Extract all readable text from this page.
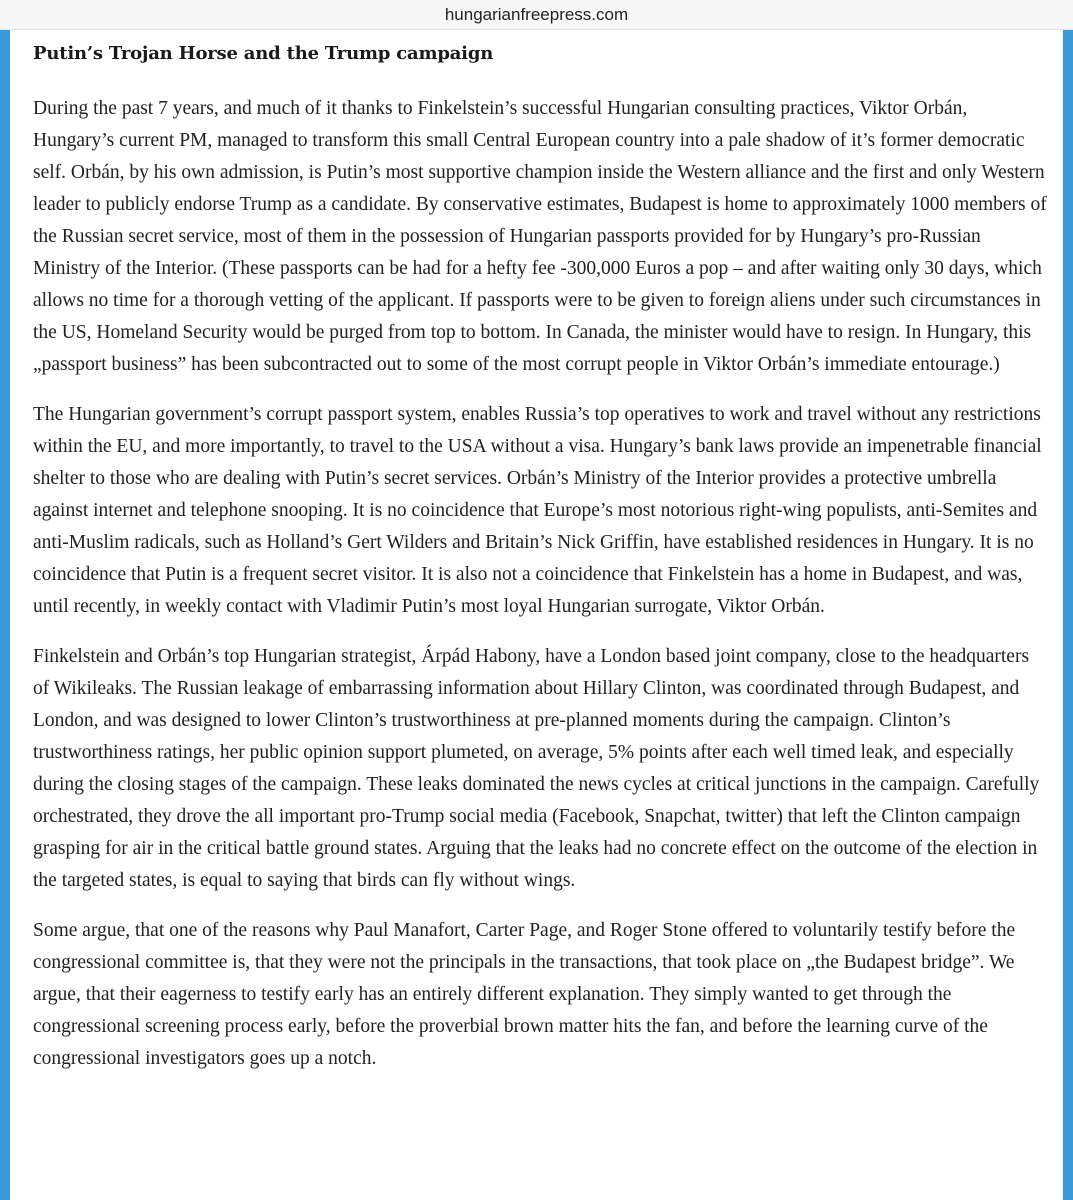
hungarianfreepress.com
Putin’s Trojan Horse and the Trump campaign

During the past 7 years, and much of it thanks to Finkelstein’s successful Hungarian consulting practices, Viktor Orbán, Hungary’s current PM, managed to transform this small Central European country into a pale shadow of it’s former democratic self. Orbán, by his own admission, is Putin’s most supportive champion inside the Western alliance and the first and only Western leader to publicly endorse Trump as a candidate. By conservative estimates, Budapest is home to approximately 1000 members of the Russian secret service, most of them in the possession of Hungarian passports provided for by Hungary’s pro-Russian Ministry of the Interior. (These passports can be had for a hefty fee -300,000 Euros a pop – and after waiting only 30 days, which allows no time for a thorough vetting of the applicant. If passports were to be given to foreign aliens under such circumstances in the US, Homeland Security would be purged from top to bottom. In Canada, the minister would have to resign. In Hungary, this „passport business” has been subcontracted out to some of the most corrupt people in Viktor Orbán’s immediate entourage.)

The Hungarian government’s corrupt passport system, enables Russia’s top operatives to work and travel without any restrictions within the EU, and more importantly, to travel to the USA without a visa. Hungary’s bank laws provide an impenetrable financial shelter to those who are dealing with Putin’s secret services. Orbán’s Ministry of the Interior provides a protective umbrella against internet and telephone snooping. It is no coincidence that Europe’s most notorious right-wing populists, anti-Semites and anti-Muslim radicals, such as Holland’s Gert Wilders and Britain’s Nick Griffin, have established residences in Hungary. It is no coincidence that Putin is a frequent secret visitor. It is also not a coincidence that Finkelstein has a home in Budapest, and was, until recently, in weekly contact with Vladimir Putin’s most loyal Hungarian surrogate, Viktor Orbán.

Finkelstein and Orbán’s top Hungarian strategist, Árpád Habony, have a London based joint company, close to the headquarters of Wikileaks. The Russian leakage of embarrassing information about Hillary Clinton, was coordinated through Budapest, and London, and was designed to lower Clinton’s trustworthiness at pre-planned moments during the campaign. Clinton’s trustworthiness ratings, her public opinion support plumeted, on average, 5% points after each well timed leak, and especially during the closing stages of the campaign. These leaks dominated the news cycles at critical junctions in the campaign. Carefully orchestrated, they drove the all important pro-Trump social media (Facebook, Snapchat, twitter) that left the Clinton campaign grasping for air in the critical battle ground states. Arguing that the leaks had no concrete effect on the outcome of the election in the targeted states, is equal to saying that birds can fly without wings.

Some argue, that one of the reasons why Paul Manafort, Carter Page, and Roger Stone offered to voluntarily testify before the congressional committee is, that they were not the principals in the transactions, that took place on „the Budapest bridge”. We argue, that their eagerness to testify early has an entirely different explanation. They simply wanted to get through the congressional screening process early, before the proverbial brown matter hits the fan, and before the learning curve of the congressional investigators goes up a notch.
